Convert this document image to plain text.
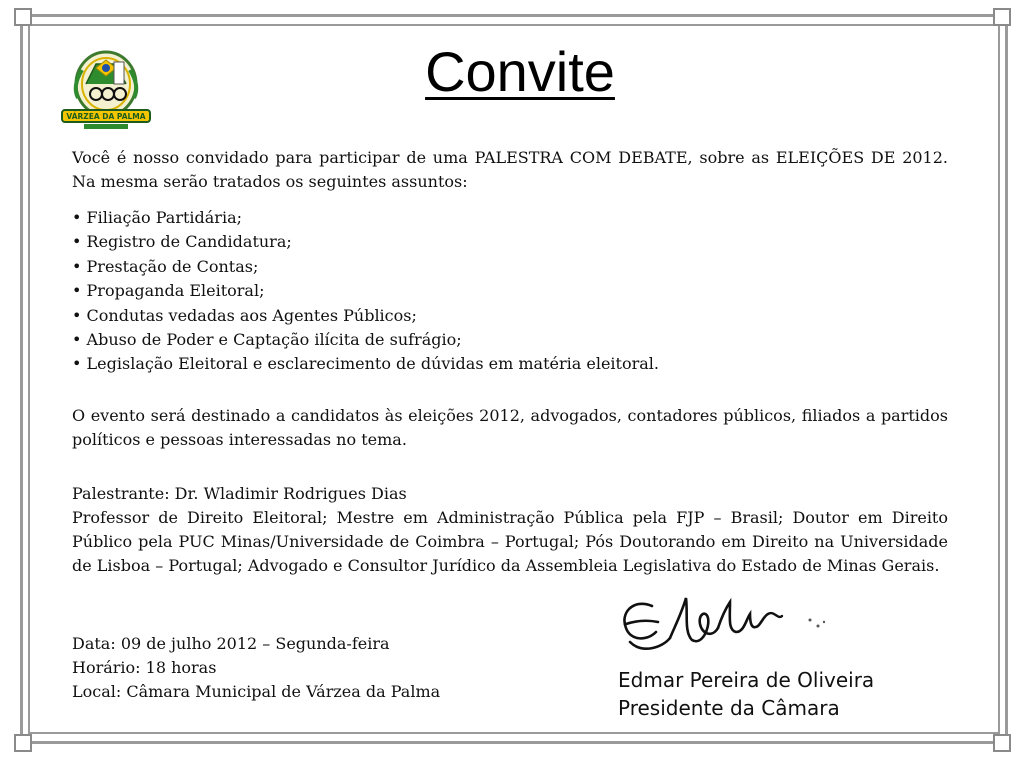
VÁRZEA DA PALMA
Convite

Você é nosso convidado para participar de uma PALESTRA COM DEBATE, sobre as ELEIÇÕES DE 2012. Na mesma serão tratados os seguintes assuntos:

• Filiação Partidária;
• Registro de Candidatura;
• Prestação de Contas;
• Propaganda Eleitoral;
• Condutas vedadas aos Agentes Públicos;
• Abuso de Poder e Captação ilícita de sufrágio;
• Legislação Eleitoral e esclarecimento de dúvidas em matéria eleitoral.

O evento será destinado a candidatos às eleições 2012, advogados, contadores públicos, filiados a partidos políticos e pessoas interessadas no tema.

Palestrante: Dr. Wladimir Rodrigues Dias

Professor de Direito Eleitoral; Mestre em Administração Pública pela FJP – Brasil; Doutor em Direito Público pela PUC Minas/Universidade de Coimbra – Portugal; Pós Doutorando em Direito na Universidade de Lisboa – Portugal; Advogado e Consultor Jurídico da Assembleia Legislativa do Estado de Minas Gerais.

Data: 09 de julho 2012 – Segunda-feira

Horário: 18 horas

Local: Câmara Municipal de Várzea da Palma	Edmar Pereira de Oliveira

Presidente da Câmara
